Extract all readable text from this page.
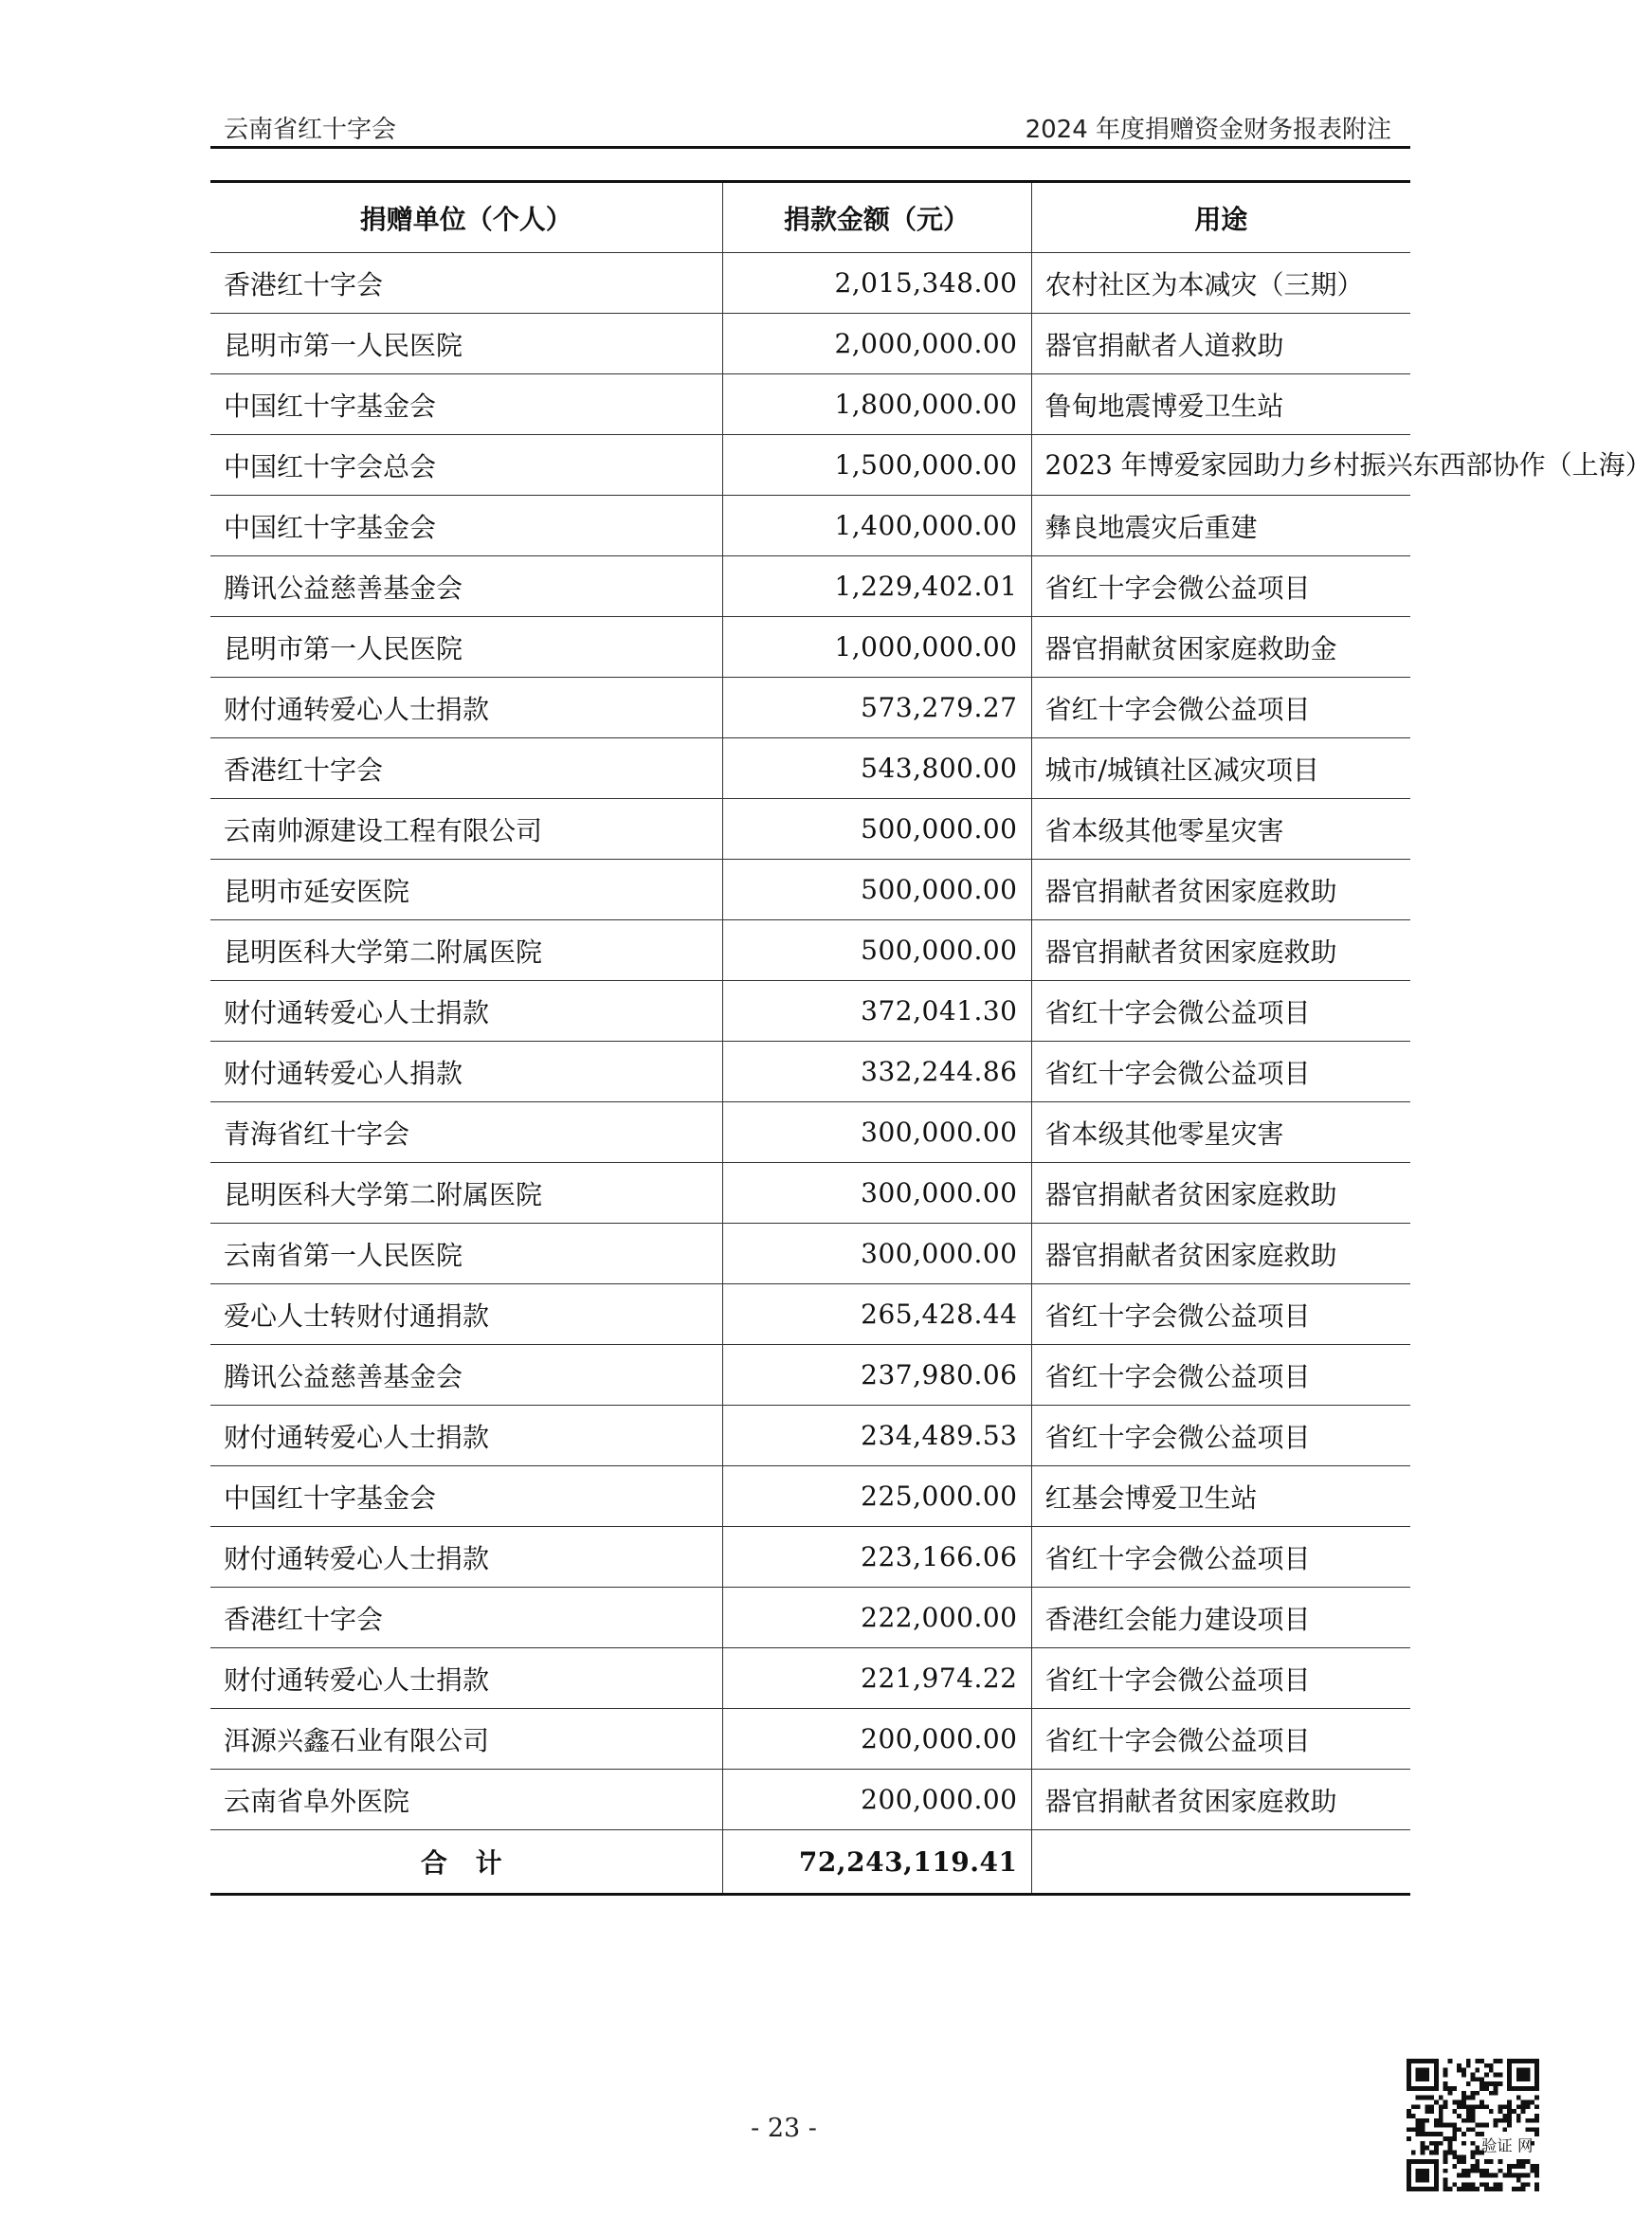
云南省红十字会	2024 年度捐赠资金财务报表附注
捐赠单位（个人）	捐款金额（元）	用途
香港红十字会	2,015,348.00	农村社区为本减灾（三期）
昆明市第一人民医院	2,000,000.00	器官捐献者人道救助
中国红十字基金会	1,800,000.00	鲁甸地震博爱卫生站
中国红十字会总会	1,500,000.00	2023 年博爱家园助力乡村振兴东西部协作（上海）
中国红十字基金会	1,400,000.00	彝良地震灾后重建
腾讯公益慈善基金会	1,229,402.01	省红十字会微公益项目
昆明市第一人民医院	1,000,000.00	器官捐献贫困家庭救助金
财付通转爱心人士捐款	573,279.27	省红十字会微公益项目
香港红十字会	543,800.00	城市/城镇社区减灾项目
云南帅源建设工程有限公司	500,000.00	省本级其他零星灾害
昆明市延安医院	500,000.00	器官捐献者贫困家庭救助
昆明医科大学第二附属医院	500,000.00	器官捐献者贫困家庭救助
财付通转爱心人士捐款	372,041.30	省红十字会微公益项目
财付通转爱心人捐款	332,244.86	省红十字会微公益项目
青海省红十字会	300,000.00	省本级其他零星灾害
昆明医科大学第二附属医院	300,000.00	器官捐献者贫困家庭救助
云南省第一人民医院	300,000.00	器官捐献者贫困家庭救助
爱心人士转财付通捐款	265,428.44	省红十字会微公益项目
腾讯公益慈善基金会	237,980.06	省红十字会微公益项目
财付通转爱心人士捐款	234,489.53	省红十字会微公益项目
中国红十字基金会	225,000.00	红基会博爱卫生站
财付通转爱心人士捐款	223,166.06	省红十字会微公益项目
香港红十字会	222,000.00	香港红会能力建设项目
财付通转爱心人士捐款	221,974.22	省红十字会微公益项目
洱源兴鑫石业有限公司	200,000.00	省红十字会微公益项目
云南省阜外医院	200,000.00	器官捐献者贫困家庭救助
合 计	72,243,119.41	
- 23 -
验证 网
